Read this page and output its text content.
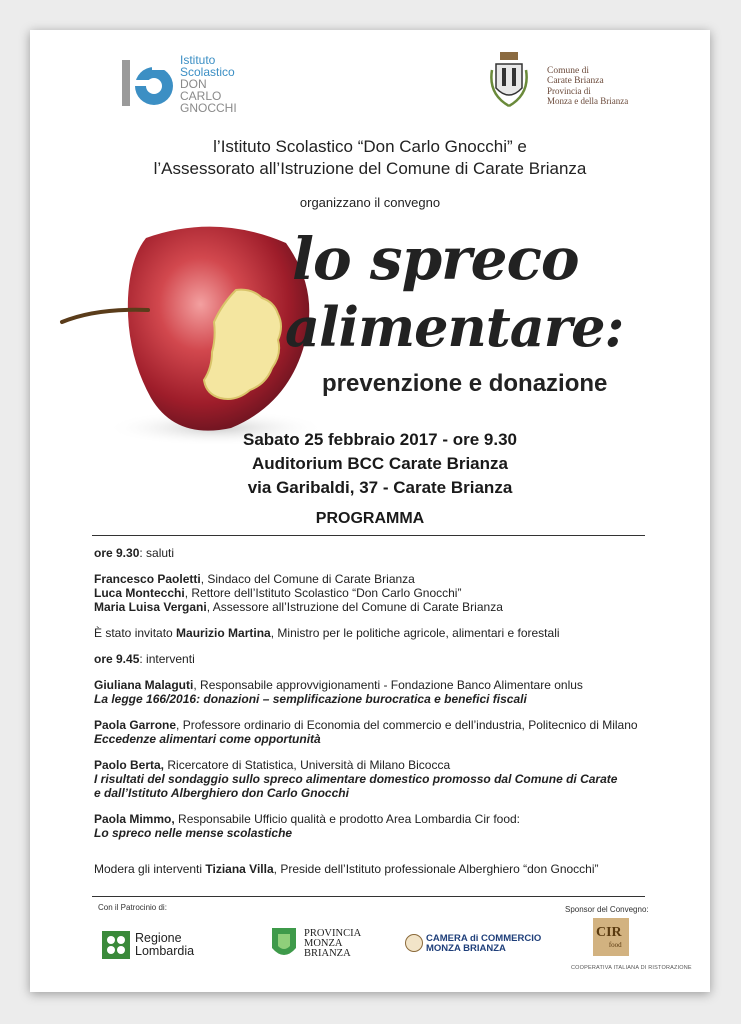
Istituto
Scolastico
DON
CARLO
GNOCCHI
Comune di
Carate Brianza
Provincia di
Monza e della Brianza
l’Istituto Scolastico “Don Carlo Gnocchi” e
l’Assessorato all’Istruzione del Comune di Carate Brianza
organizzano il convegno
lo spreco
alimentare:
prevenzione e donazione
Sabato 25 febbraio 2017 - ore 9.30
Auditorium BCC Carate Brianza
via Garibaldi, 37 - Carate Brianza
PROGRAMMA

ore 9.30: saluti

Francesco Paoletti, Sindaco del Comune di Carate Brianza

Luca Montecchi, Rettore dell’Istituto Scolastico “Don Carlo Gnocchi”

Maria Luisa Vergani, Assessore all’Istruzione del Comune di Carate Brianza

È stato invitato Maurizio Martina, Ministro per le politiche agricole, alimentari e forestali

ore 9.45: interventi

Giuliana Malaguti, Responsabile approvvigionamenti - Fondazione Banco Alimentare onlus

La legge 166/2016: donazioni – semplificazione burocratica e benefici fiscali

Paola Garrone, Professore ordinario di Economia del commercio e dell’industria, Politecnico di Milano

Eccedenze alimentari come opportunità

Paolo Berta, Ricercatore di Statistica, Università di Milano Bicocca

I risultati del sondaggio sullo spreco alimentare domestico promosso dal Comune di Carate

e dall’Istituto Alberghiero don Carlo Gnocchi

Paola Mimmo, Responsabile Ufficio qualità e prodotto Area Lombardia Cir food:

Lo spreco nelle mense scolastiche

Modera gli interventi Tiziana Villa, Preside dell’Istituto professionale Alberghiero “don Gnocchi”

Con il Patrocinio di:	Sponsor del Convegno:
Regione
Lombardia
PROVINCIA
MONZA
BRIANZA
CAMERA di COMMERCIO
MONZA BRIANZA
CIR
food
COOPERATIVA ITALIANA DI RISTORAZIONE
